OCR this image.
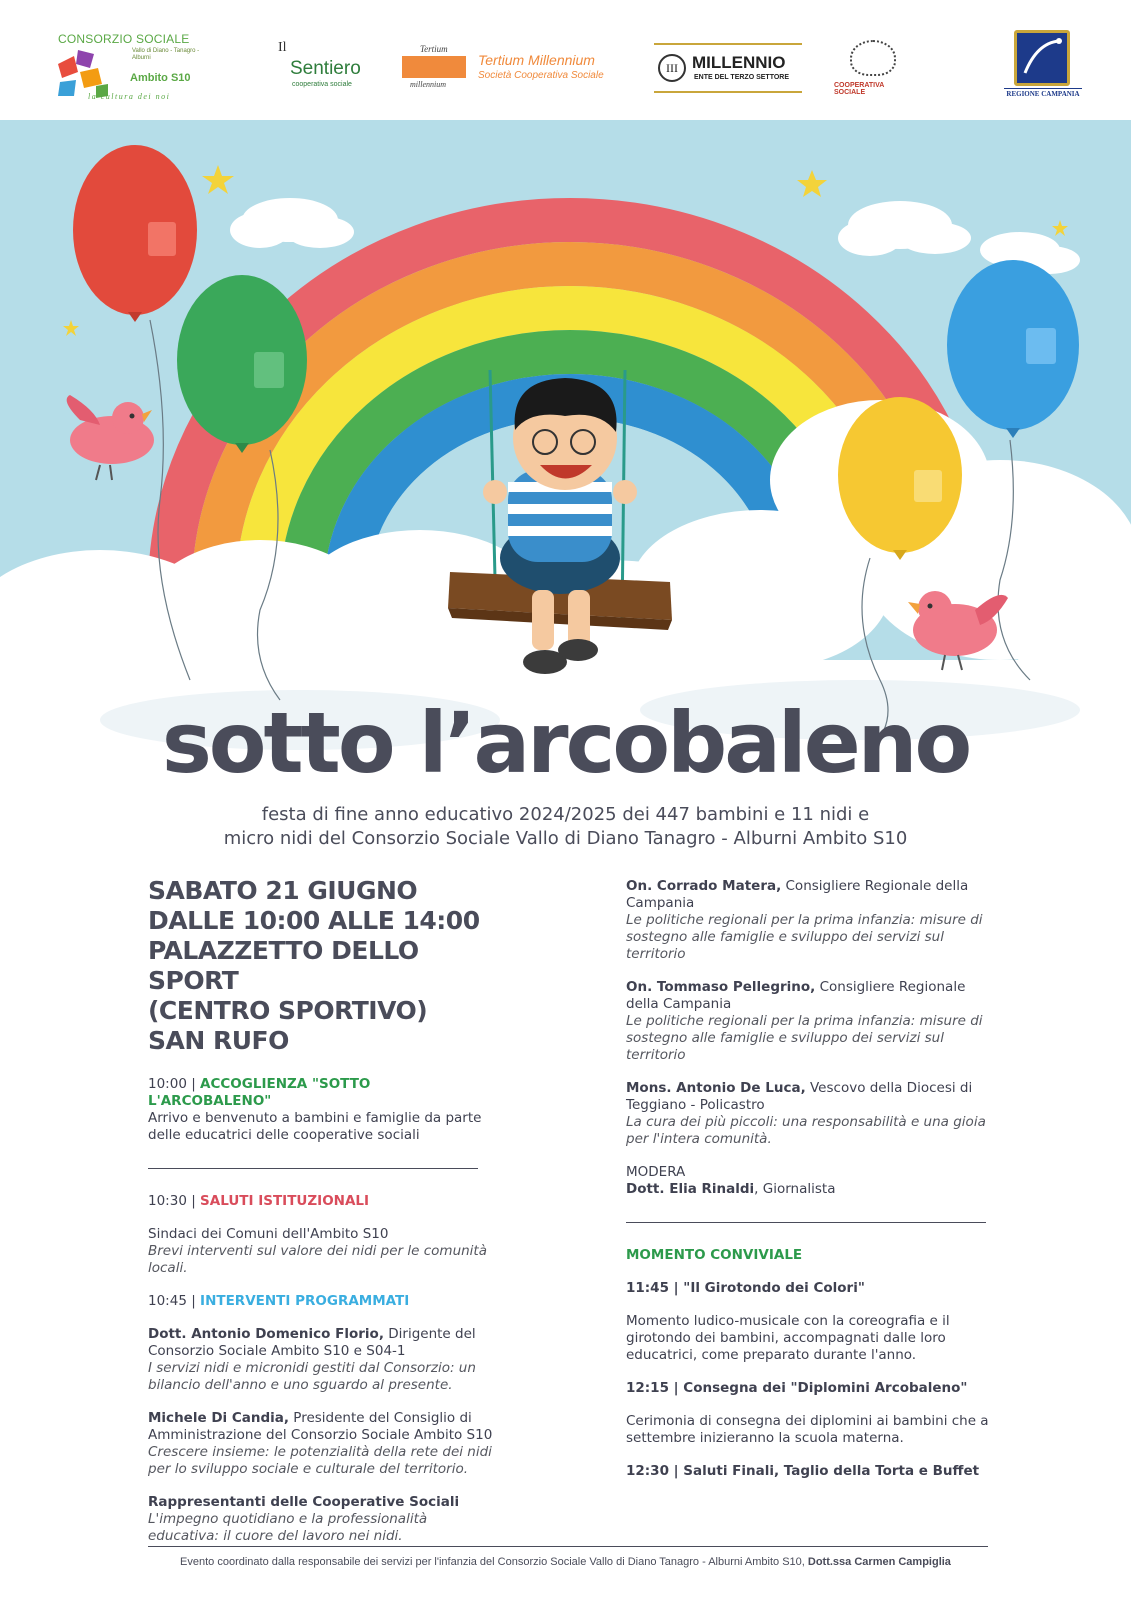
CONSORZIO SOCIALE
Vallo di Diano - Tanagro - Alburni
Ambito S10
la cultura dei noi
Il
Sentiero
cooperativa sociale
Tertium
millennium
Tertium Millennium
Società Cooperativa Sociale
III MILLENNIO
ENTE DEL TERZO SETTORE
COOPERATIVA SOCIALE	REGIONE CAMPANIA
sotto l’arcobaleno
festa di fine anno educativo 2024/2025 dei 447 bambini e 11 nidi e
micro nidi del Consorzio Sociale Vallo di Diano Tanagro - Alburni Ambito S10
SABATO 21 GIUGNO
DALLE 10:00 ALLE 14:00
PALAZZETTO DELLO SPORT
(CENTRO SPORTIVO)
SAN RUFO
10:00 | ACCOGLIENZA "SOTTO L'ARCOBALENO"
Arrivo e benvenuto a bambini e famiglie da parte delle educatrici delle cooperative sociali
10:30 | SALUTI ISTITUZIONALI
Sindaci dei Comuni dell'Ambito S10
Brevi interventi sul valore dei nidi per le comunità locali.
10:45 | INTERVENTI PROGRAMMATI
Dott. Antonio Domenico Florio, Dirigente del Consorzio Sociale Ambito S10 e S04-1
I servizi nidi e micronidi gestiti dal Consorzio: un bilancio dell'anno e uno sguardo al presente.
Michele Di Candia, Presidente del Consiglio di Amministrazione del Consorzio Sociale Ambito S10
Crescere insieme: le potenzialità della rete dei nidi per lo sviluppo sociale e culturale del territorio.
Rappresentanti delle Cooperative Sociali
L'impegno quotidiano e la professionalità educativa: il cuore del lavoro nei nidi.
On. Corrado Matera, Consigliere Regionale della Campania
Le politiche regionali per la prima infanzia: misure di sostegno alle famiglie e sviluppo dei servizi sul territorio
On. Tommaso Pellegrino, Consigliere Regionale della Campania
Le politiche regionali per la prima infanzia: misure di sostegno alle famiglie e sviluppo dei servizi sul territorio
Mons. Antonio De Luca, Vescovo della Diocesi di Teggiano - Policastro
La cura dei più piccoli: una responsabilità e una gioia per l'intera comunità.
MODERA
Dott. Elia Rinaldi, Giornalista
MOMENTO CONVIVIALE
11:45 | "Il Girotondo dei Colori"
Momento ludico-musicale con la coreografia e il girotondo dei bambini, accompagnati dalle loro educatrici, come preparato durante l'anno.
12:15 | Consegna dei "Diplomini Arcobaleno"
Cerimonia di consegna dei diplomini ai bambini che a settembre inizieranno la scuola materna.
12:30 | Saluti Finali, Taglio della Torta e Buffet
Evento coordinato dalla responsabile dei servizi per l'infanzia del Consorzio Sociale Vallo di Diano Tanagro - Alburni Ambito S10, Dott.ssa Carmen Campiglia
